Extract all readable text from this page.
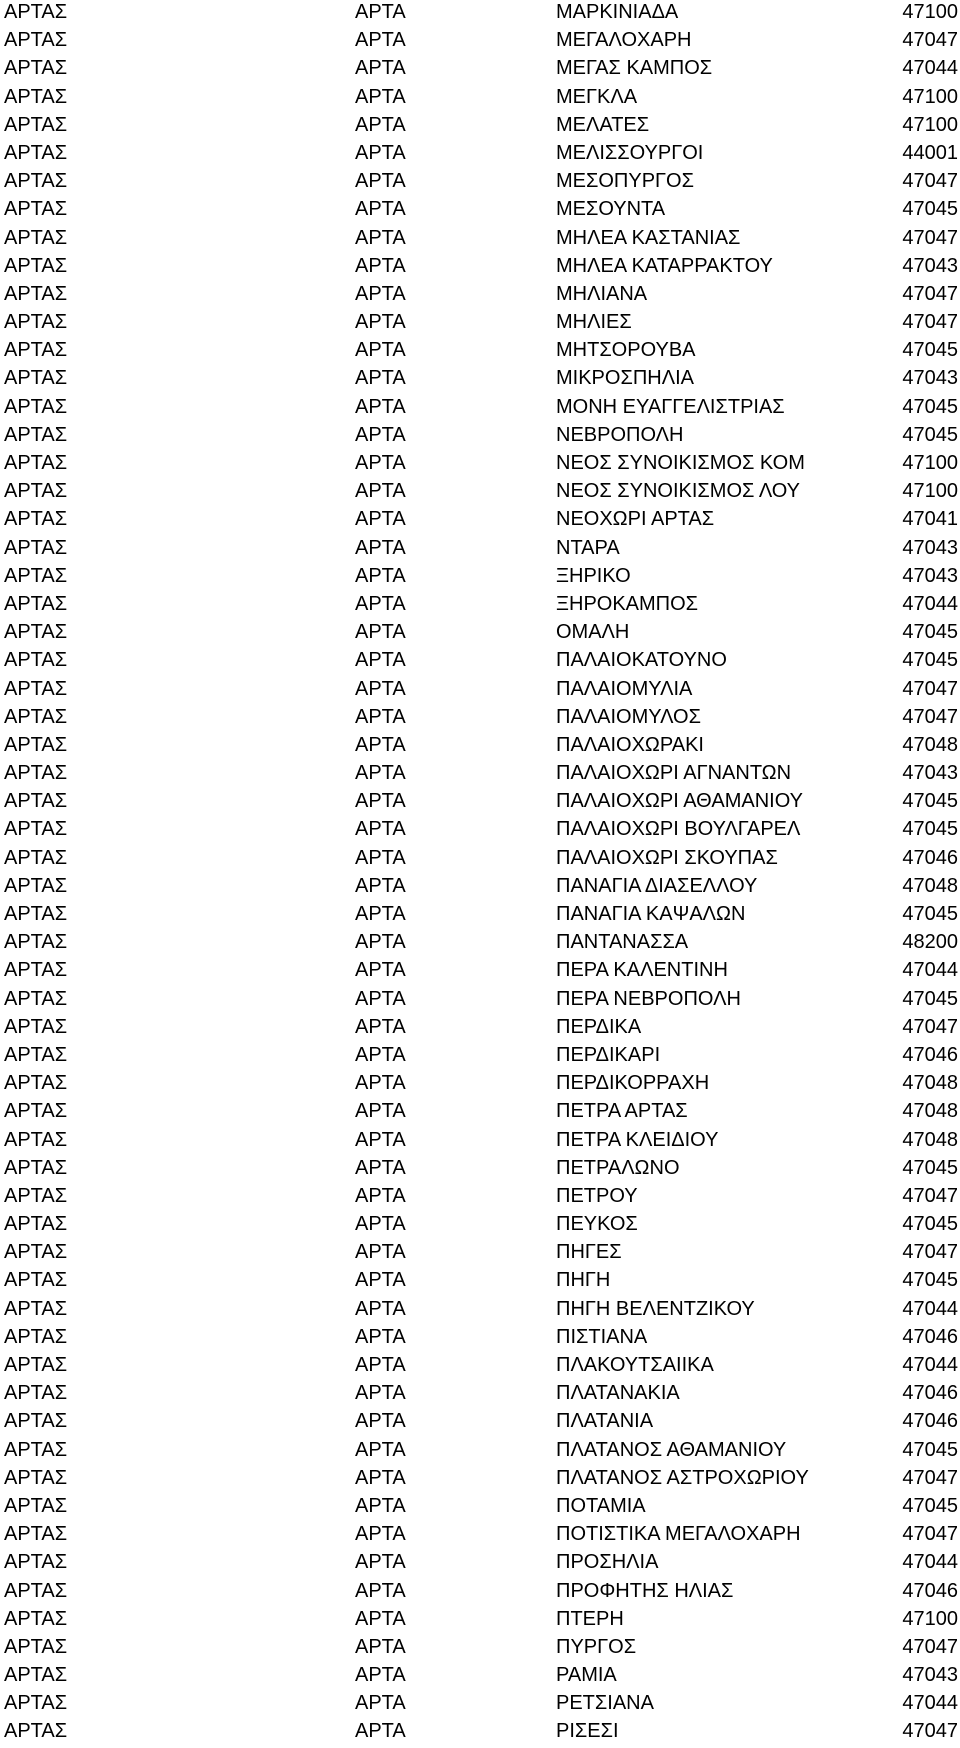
ΑΡΤΑΣ	ΑΡΤΑ	ΜΑΡΚΙΝΙΑΔΑ	47100
ΑΡΤΑΣ	ΑΡΤΑ	ΜΕΓΑΛΟΧΑΡΗ	47047
ΑΡΤΑΣ	ΑΡΤΑ	ΜΕΓΑΣ ΚΑΜΠΟΣ	47044
ΑΡΤΑΣ	ΑΡΤΑ	ΜΕΓΚΛΑ	47100
ΑΡΤΑΣ	ΑΡΤΑ	ΜΕΛΑΤΕΣ	47100
ΑΡΤΑΣ	ΑΡΤΑ	ΜΕΛΙΣΣΟΥΡΓΟΙ	44001
ΑΡΤΑΣ	ΑΡΤΑ	ΜΕΣΟΠΥΡΓΟΣ	47047
ΑΡΤΑΣ	ΑΡΤΑ	ΜΕΣΟΥΝΤΑ	47045
ΑΡΤΑΣ	ΑΡΤΑ	ΜΗΛΕΑ ΚΑΣΤΑΝΙΑΣ	47047
ΑΡΤΑΣ	ΑΡΤΑ	ΜΗΛΕΑ ΚΑΤΑΡΡΑΚΤΟΥ	47043
ΑΡΤΑΣ	ΑΡΤΑ	ΜΗΛΙΑΝΑ	47047
ΑΡΤΑΣ	ΑΡΤΑ	ΜΗΛΙΕΣ	47047
ΑΡΤΑΣ	ΑΡΤΑ	ΜΗΤΣΟΡΟΥΒΑ	47045
ΑΡΤΑΣ	ΑΡΤΑ	ΜΙΚΡΟΣΠΗΛΙΑ	47043
ΑΡΤΑΣ	ΑΡΤΑ	ΜΟΝΗ ΕΥΑΓΓΕΛΙΣΤΡΙΑΣ	47045
ΑΡΤΑΣ	ΑΡΤΑ	ΝΕΒΡΟΠΟΛΗ	47045
ΑΡΤΑΣ	ΑΡΤΑ	ΝΕΟΣ ΣΥΝΟΙΚΙΣΜΟΣ ΚΟΜ	47100
ΑΡΤΑΣ	ΑΡΤΑ	ΝΕΟΣ ΣΥΝΟΙΚΙΣΜΟΣ ΛΟΥ	47100
ΑΡΤΑΣ	ΑΡΤΑ	ΝΕΟΧΩΡΙ ΑΡΤΑΣ	47041
ΑΡΤΑΣ	ΑΡΤΑ	ΝΤΑΡΑ	47043
ΑΡΤΑΣ	ΑΡΤΑ	ΞΗΡΙΚΟ	47043
ΑΡΤΑΣ	ΑΡΤΑ	ΞΗΡΟΚΑΜΠΟΣ	47044
ΑΡΤΑΣ	ΑΡΤΑ	ΟΜΑΛΗ	47045
ΑΡΤΑΣ	ΑΡΤΑ	ΠΑΛΑΙΟΚΑΤΟΥΝΟ	47045
ΑΡΤΑΣ	ΑΡΤΑ	ΠΑΛΑΙΟΜΥΛΙΑ	47047
ΑΡΤΑΣ	ΑΡΤΑ	ΠΑΛΑΙΟΜΥΛΟΣ	47047
ΑΡΤΑΣ	ΑΡΤΑ	ΠΑΛΑΙΟΧΩΡΑΚΙ	47048
ΑΡΤΑΣ	ΑΡΤΑ	ΠΑΛΑΙΟΧΩΡΙ ΑΓΝΑΝΤΩΝ	47043
ΑΡΤΑΣ	ΑΡΤΑ	ΠΑΛΑΙΟΧΩΡΙ ΑΘΑΜΑΝΙΟΥ	47045
ΑΡΤΑΣ	ΑΡΤΑ	ΠΑΛΑΙΟΧΩΡΙ ΒΟΥΛΓΑΡΕΛ	47045
ΑΡΤΑΣ	ΑΡΤΑ	ΠΑΛΑΙΟΧΩΡΙ ΣΚΟΥΠΑΣ	47046
ΑΡΤΑΣ	ΑΡΤΑ	ΠΑΝΑΓΙΑ ΔΙΑΣΕΛΛΟΥ	47048
ΑΡΤΑΣ	ΑΡΤΑ	ΠΑΝΑΓΙΑ ΚΑΨΑΛΩΝ	47045
ΑΡΤΑΣ	ΑΡΤΑ	ΠΑΝΤΑΝΑΣΣΑ	48200
ΑΡΤΑΣ	ΑΡΤΑ	ΠΕΡΑ ΚΑΛΕΝΤΙΝΗ	47044
ΑΡΤΑΣ	ΑΡΤΑ	ΠΕΡΑ ΝΕΒΡΟΠΟΛΗ	47045
ΑΡΤΑΣ	ΑΡΤΑ	ΠΕΡΔΙΚΑ	47047
ΑΡΤΑΣ	ΑΡΤΑ	ΠΕΡΔΙΚΑΡΙ	47046
ΑΡΤΑΣ	ΑΡΤΑ	ΠΕΡΔΙΚΟΡΡΑΧΗ	47048
ΑΡΤΑΣ	ΑΡΤΑ	ΠΕΤΡΑ ΑΡΤΑΣ	47048
ΑΡΤΑΣ	ΑΡΤΑ	ΠΕΤΡΑ ΚΛΕΙΔΙΟΥ	47048
ΑΡΤΑΣ	ΑΡΤΑ	ΠΕΤΡΑΛΩΝΟ	47045
ΑΡΤΑΣ	ΑΡΤΑ	ΠΕΤΡΟΥ	47047
ΑΡΤΑΣ	ΑΡΤΑ	ΠΕΥΚΟΣ	47045
ΑΡΤΑΣ	ΑΡΤΑ	ΠΗΓΕΣ	47047
ΑΡΤΑΣ	ΑΡΤΑ	ΠΗΓΗ	47045
ΑΡΤΑΣ	ΑΡΤΑ	ΠΗΓΗ ΒΕΛΕΝΤΖΙΚΟΥ	47044
ΑΡΤΑΣ	ΑΡΤΑ	ΠΙΣΤΙΑΝΑ	47046
ΑΡΤΑΣ	ΑΡΤΑ	ΠΛΑΚΟΥΤΣΑΙΙΚΑ	47044
ΑΡΤΑΣ	ΑΡΤΑ	ΠΛΑΤΑΝΑΚΙΑ	47046
ΑΡΤΑΣ	ΑΡΤΑ	ΠΛΑΤΑΝΙΑ	47046
ΑΡΤΑΣ	ΑΡΤΑ	ΠΛΑΤΑΝΟΣ ΑΘΑΜΑΝΙΟΥ	47045
ΑΡΤΑΣ	ΑΡΤΑ	ΠΛΑΤΑΝΟΣ ΑΣΤΡΟΧΩΡΙΟΥ	47047
ΑΡΤΑΣ	ΑΡΤΑ	ΠΟΤΑΜΙΑ	47045
ΑΡΤΑΣ	ΑΡΤΑ	ΠΟΤΙΣΤΙΚΑ ΜΕΓΑΛΟΧΑΡΗ	47047
ΑΡΤΑΣ	ΑΡΤΑ	ΠΡΟΣΗΛΙΑ	47044
ΑΡΤΑΣ	ΑΡΤΑ	ΠΡΟΦΗΤΗΣ ΗΛΙΑΣ	47046
ΑΡΤΑΣ	ΑΡΤΑ	ΠΤΕΡΗ	47100
ΑΡΤΑΣ	ΑΡΤΑ	ΠΥΡΓΟΣ	47047
ΑΡΤΑΣ	ΑΡΤΑ	ΡΑΜΙΑ	47043
ΑΡΤΑΣ	ΑΡΤΑ	ΡΕΤΣΙΑΝΑ	47044
ΑΡΤΑΣ	ΑΡΤΑ	ΡΙΣΕΣΙ	47047
